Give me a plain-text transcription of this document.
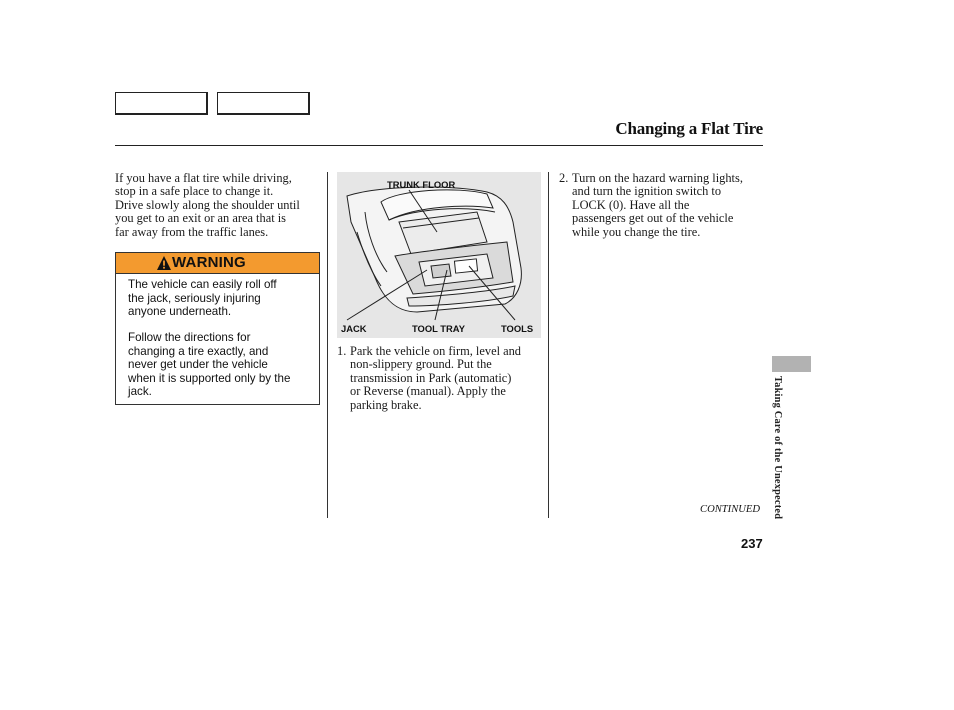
Changing a Flat Tire
If you have a flat tire while driving,
stop in a safe place to change it.
Drive slowly along the shoulder until
you get to an exit or an area that is
far away from the traffic lanes.
WARNING
The vehicle can easily roll off
the jack, seriously injuring
anyone underneath.
Follow the directions for
changing a tire exactly, and
never get under the vehicle
when it is supported only by the
jack.
TRUNK FLOOR
JACK	TOOL TRAY	TOOLS
1. Park the vehicle on firm, level and
non-slippery ground. Put the
transmission in Park (automatic)
or Reverse (manual). Apply the
parking brake.
2. Turn on the hazard warning lights,
and turn the ignition switch to
LOCK (0). Have all the
passengers get out of the vehicle
while you change the tire.
Taking Care of the Unexpected
CONTINUED
237
